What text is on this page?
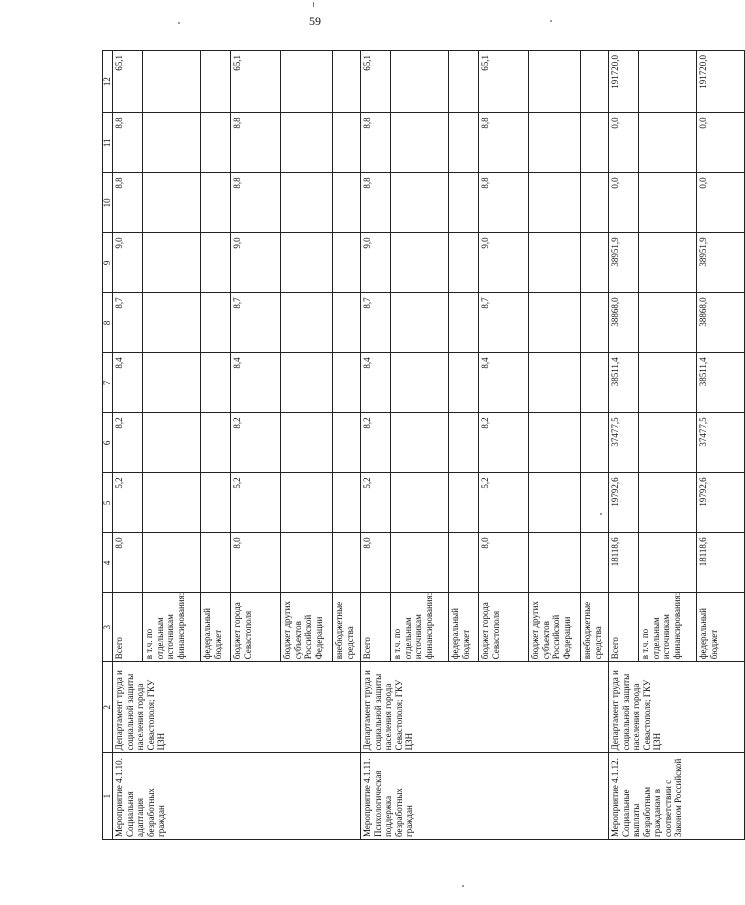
59
1	2	3	4	5	6	7	8	9	10	11	12
Мероприятие 4.1.10. Социальная адаптация безработных граждан	Департамент труда и социальной защиты населения города Севастополя; ГКУ ЦЗН	Всего	8,0	5,2	8,2	8,4	8,7	9,0	8,8	8,8	65,1
		в т.ч. по отдельным источникам финансирования:									
		федеральный бюджет									
		бюджет города Севастополя	8,0	5,2	8,2	8,4	8,7	9,0	8,8	8,8	65,1
		бюджет других субъектов Российской Федерации									
		внебюджетные средства									
Мероприятие 4.1.11. Психологическая поддержка безработных граждан	Департамент труда и социальной защиты населения города Севастополя; ГКУ ЦЗН	Всего	8,0	5,2	8,2	8,4	8,7	9,0	8,8	8,8	65,1
		в т.ч. по отдельным источникам финансирования:									
		федеральный бюджет									
		бюджет города Севастополя	8,0	5,2	8,2	8,4	8,7	9,0	8,8	8,8	65,1
		бюджет других субъектов Российской Федерации									
		внебюджетные средства									
Мероприятие 4.1.12. Социальные выплаты безработным гражданам в соответствии с Законом Российской	Департамент труда и социальной защиты населения города Севастополя; ГКУ ЦЗН	Всего	18118,6	19792,6	37477,5	38511,4	38868,0	38951,9	0,0	0,0	191720,0
		в т.ч. по отдельным источникам финансирования:									
		федеральный бюджет	18118,6	19792,6	37477,5	38511,4	38868,0	38951,9	0,0	0,0	191720,0
